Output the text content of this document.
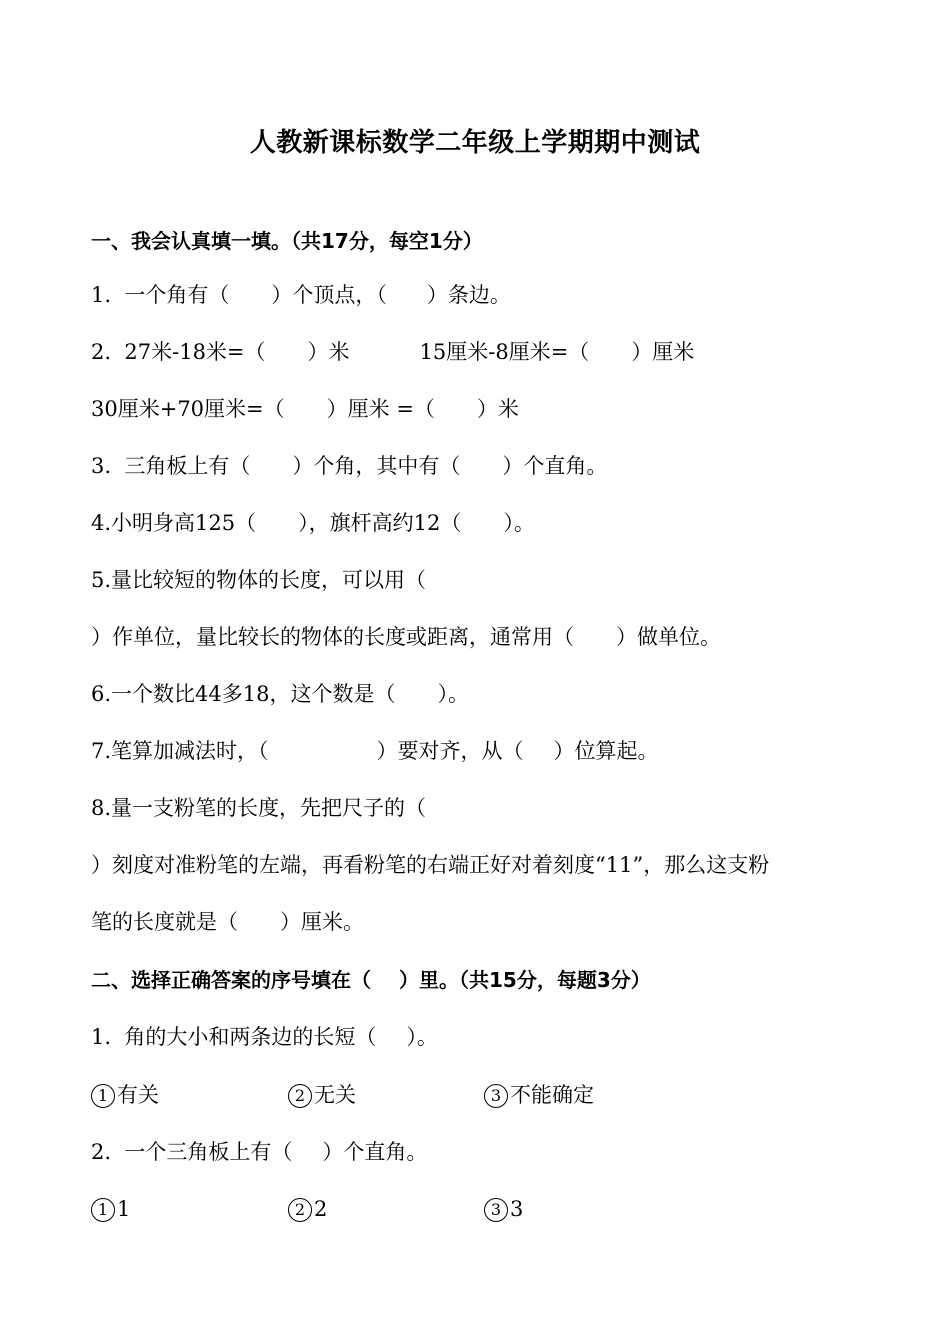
人教新课标数学二年级上学期期中测试
一、我会认真填一填。（共17分，每空1分）
1.  一个角有（ ）个顶点，（ ）条边。
2.  27米-18米=（ ）米	15厘米-8厘米=（ ）厘米
30厘米+70厘米=（ ）厘米 =（ ）米
3.  三角板上有（ ）个角，其中有（ ）个直角。
4.小明身高125（ ），旗杆高约12（ ）。
5.量比较短的物体的长度，可以用（
）作单位，量比较长的物体的长度或距离，通常用（ ）做单位。
6.一个数比44多18，这个数是（ ）。
7.笔算加减法时，（	）要对齐，从（ ）位算起。
8.量一支粉笔的长度，先把尺子的（
）刻度对准粉笔的左端，再看粉笔的右端正好对着刻度“11”，那么这支粉
笔的长度就是（ ）厘米。
二、选择正确答案的序号填在（ ）里。（共15分，每题3分）
1.  角的大小和两条边的长短（ ）。
1 有关	2 无关	3 不能确定
2.  一个三角板上有（ ）个直角。
1 1	2 2	3 3
